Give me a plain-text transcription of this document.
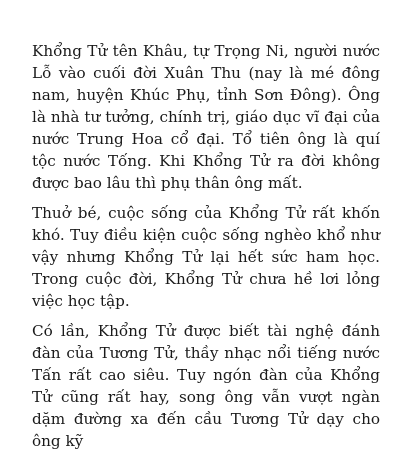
Khổng Tử tên Khâu, tự Trọng Ni, người nước Lỗ vào cuối đời Xuân Thu (nay là mé đông nam, huyện Khúc Phụ, tỉnh Sơn Đông). Ông là nhà tư tưởng, chính trị, giáo dục vĩ đại của nước Trung Hoa cổ đại. Tổ tiên ông là quí tộc nước Tống. Khi Khổng Tử ra đời không được bao lâu thì phụ thân ông mất.

Thuở bé, cuộc sống của Khổng Tử rất khốn khó. Tuy điều kiện cuộc sống nghèo khổ như vậy nhưng Khổng Tử lại hết sức ham học. Trong cuộc đời, Khổng Tử chưa hề lơi lỏng việc học tập.

Có lần, Khổng Tử được biết tài nghệ đánh đàn của Tương Tử, thầy nhạc nổi tiếng nước Tấn rất cao siêu. Tuy ngón đàn của Khổng Tử cũng rất hay, song ông vẫn vượt ngàn dặm đường xa đến cầu Tương Tử dạy cho ông kỹ
